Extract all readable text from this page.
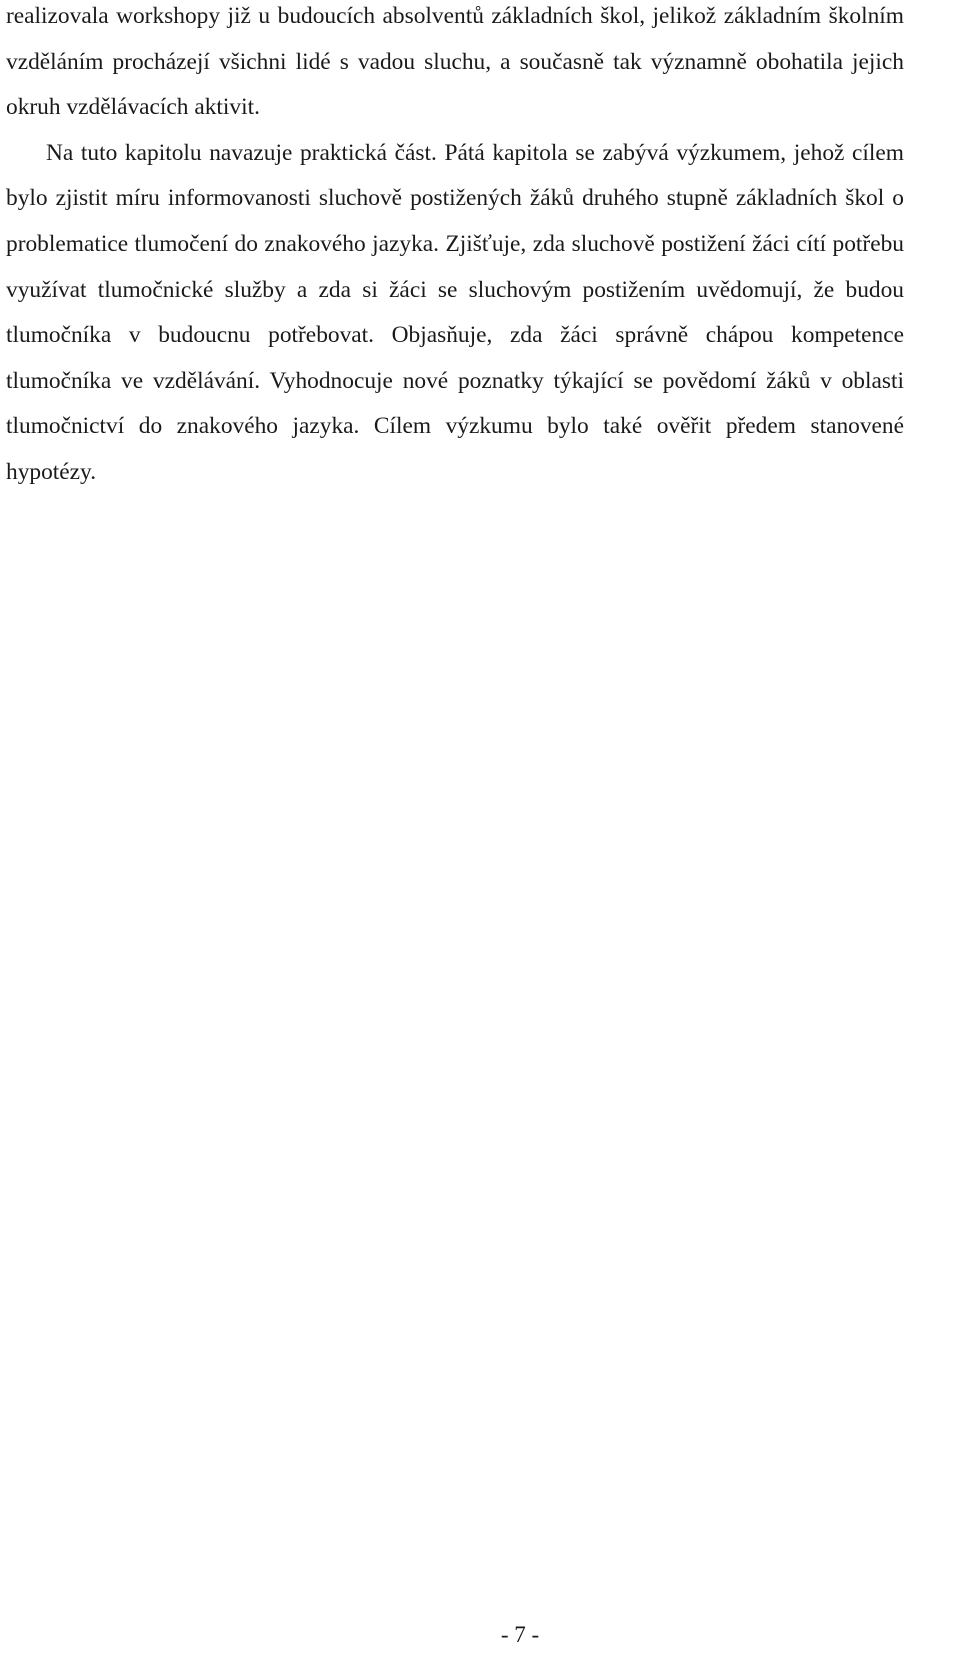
realizovala workshopy již u budoucích absolventů základních škol, jelikož základním školním vzděláním procházejí všichni lidé s vadou sluchu, a současně tak významně obohatila jejich okruh vzdělávacích aktivit.

Na tuto kapitolu navazuje praktická část. Pátá kapitola se zabývá výzkumem, jehož cílem bylo zjistit míru informovanosti sluchově postižených žáků druhého stupně základních škol o problematice tlumočení do znakového jazyka. Zjišťuje, zda sluchově postižení žáci cítí potřebu využívat tlumočnické služby a zda si žáci se sluchovým postižením uvědomují, že budou tlumočníka v budoucnu potřebovat. Objasňuje, zda žáci správně chápou kompetence tlumočníka ve vzdělávání. Vyhodnocuje nové poznatky týkající se povědomí žáků v oblasti tlumočnictví do znakového jazyka. Cílem výzkumu bylo také ověřit předem stanovené hypotézy.

- 7 -
